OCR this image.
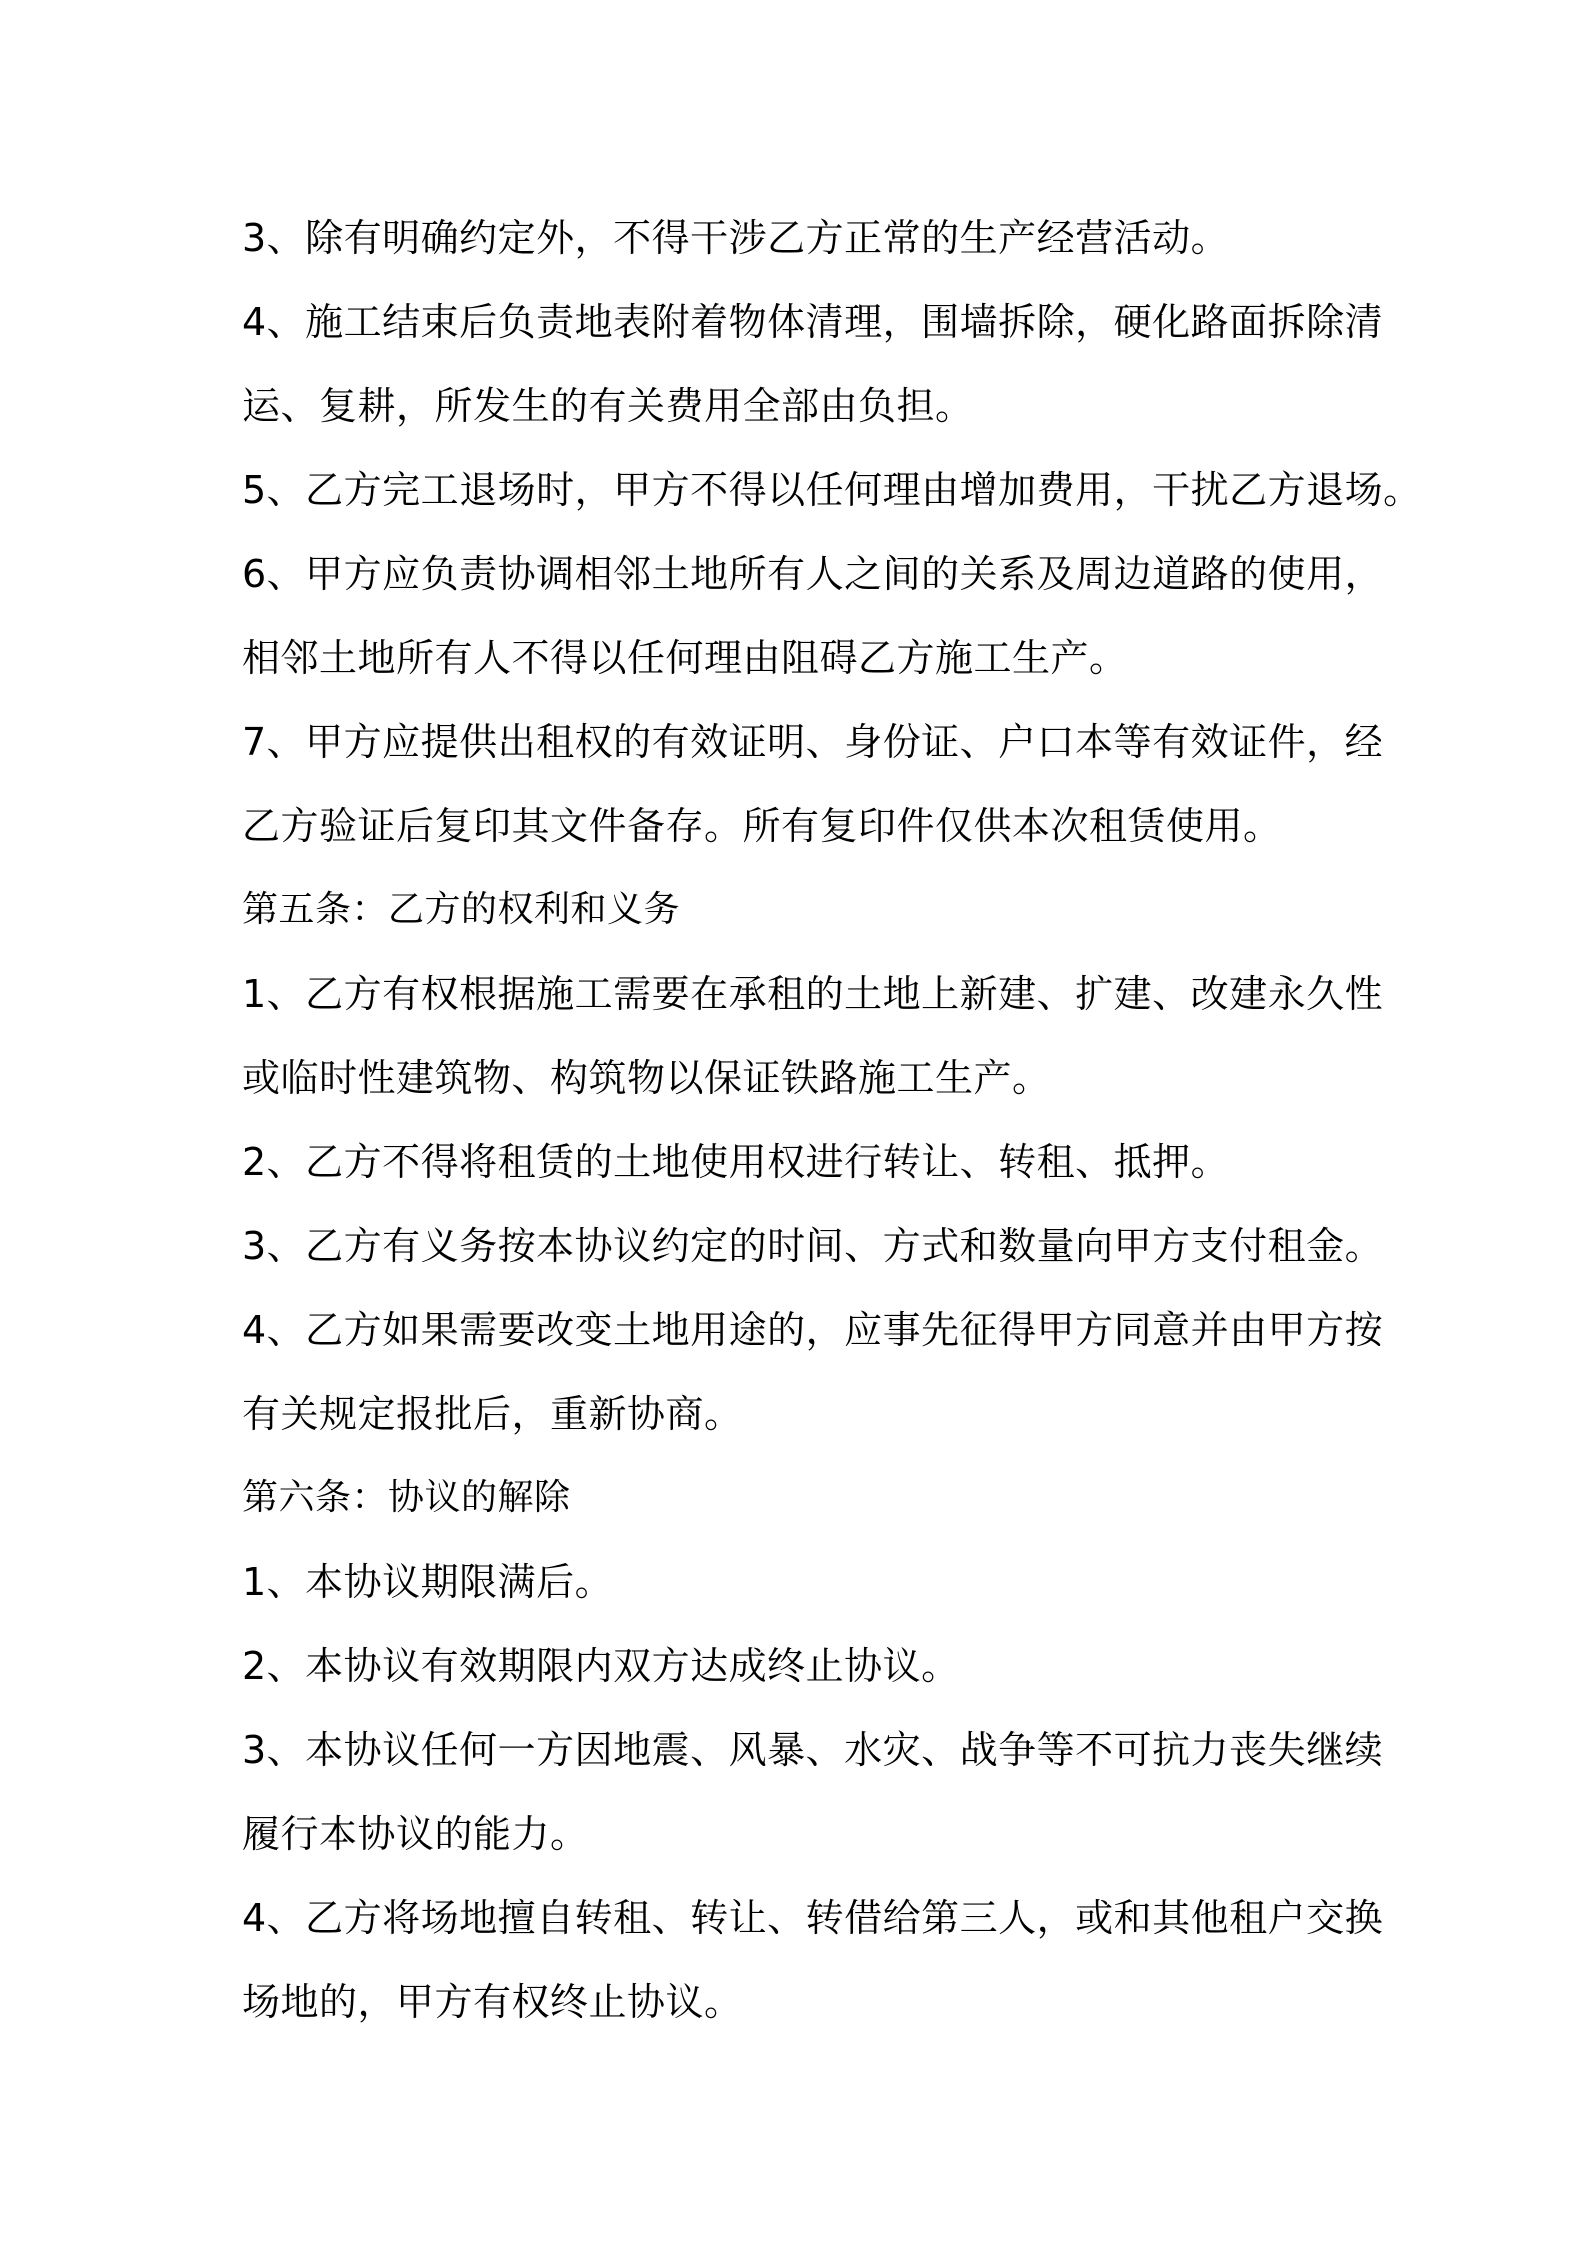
3、除有明确约定外，不得干涉乙方正常的生产经营活动。
4、施工结束后负责地表附着物体清理，围墙拆除，硬化路面拆除清
运、复耕，所发生的有关费用全部由负担。
5、乙方完工退场时，甲方不得以任何理由增加费用，干扰乙方退场。
6、甲方应负责协调相邻土地所有人之间的关系及周边道路的使用，
相邻土地所有人不得以任何理由阻碍乙方施工生产。
7、甲方应提供出租权的有效证明、身份证、户口本等有效证件，经
乙方验证后复印其文件备存。所有复印件仅供本次租赁使用。
第五条：乙方的权利和义务
1、乙方有权根据施工需要在承租的土地上新建、扩建、改建永久性
或临时性建筑物、构筑物以保证铁路施工生产。
2、乙方不得将租赁的土地使用权进行转让、转租、抵押。
3、乙方有义务按本协议约定的时间、方式和数量向甲方支付租金。
4、乙方如果需要改变土地用途的，应事先征得甲方同意并由甲方按
有关规定报批后，重新协商。
第六条：协议的解除
1、本协议期限满后。
2、本协议有效期限内双方达成终止协议。
3、本协议任何一方因地震、风暴、水灾、战争等不可抗力丧失继续
履行本协议的能力。
4、乙方将场地擅自转租、转让、转借给第三人，或和其他租户交换
场地的，甲方有权终止协议。
